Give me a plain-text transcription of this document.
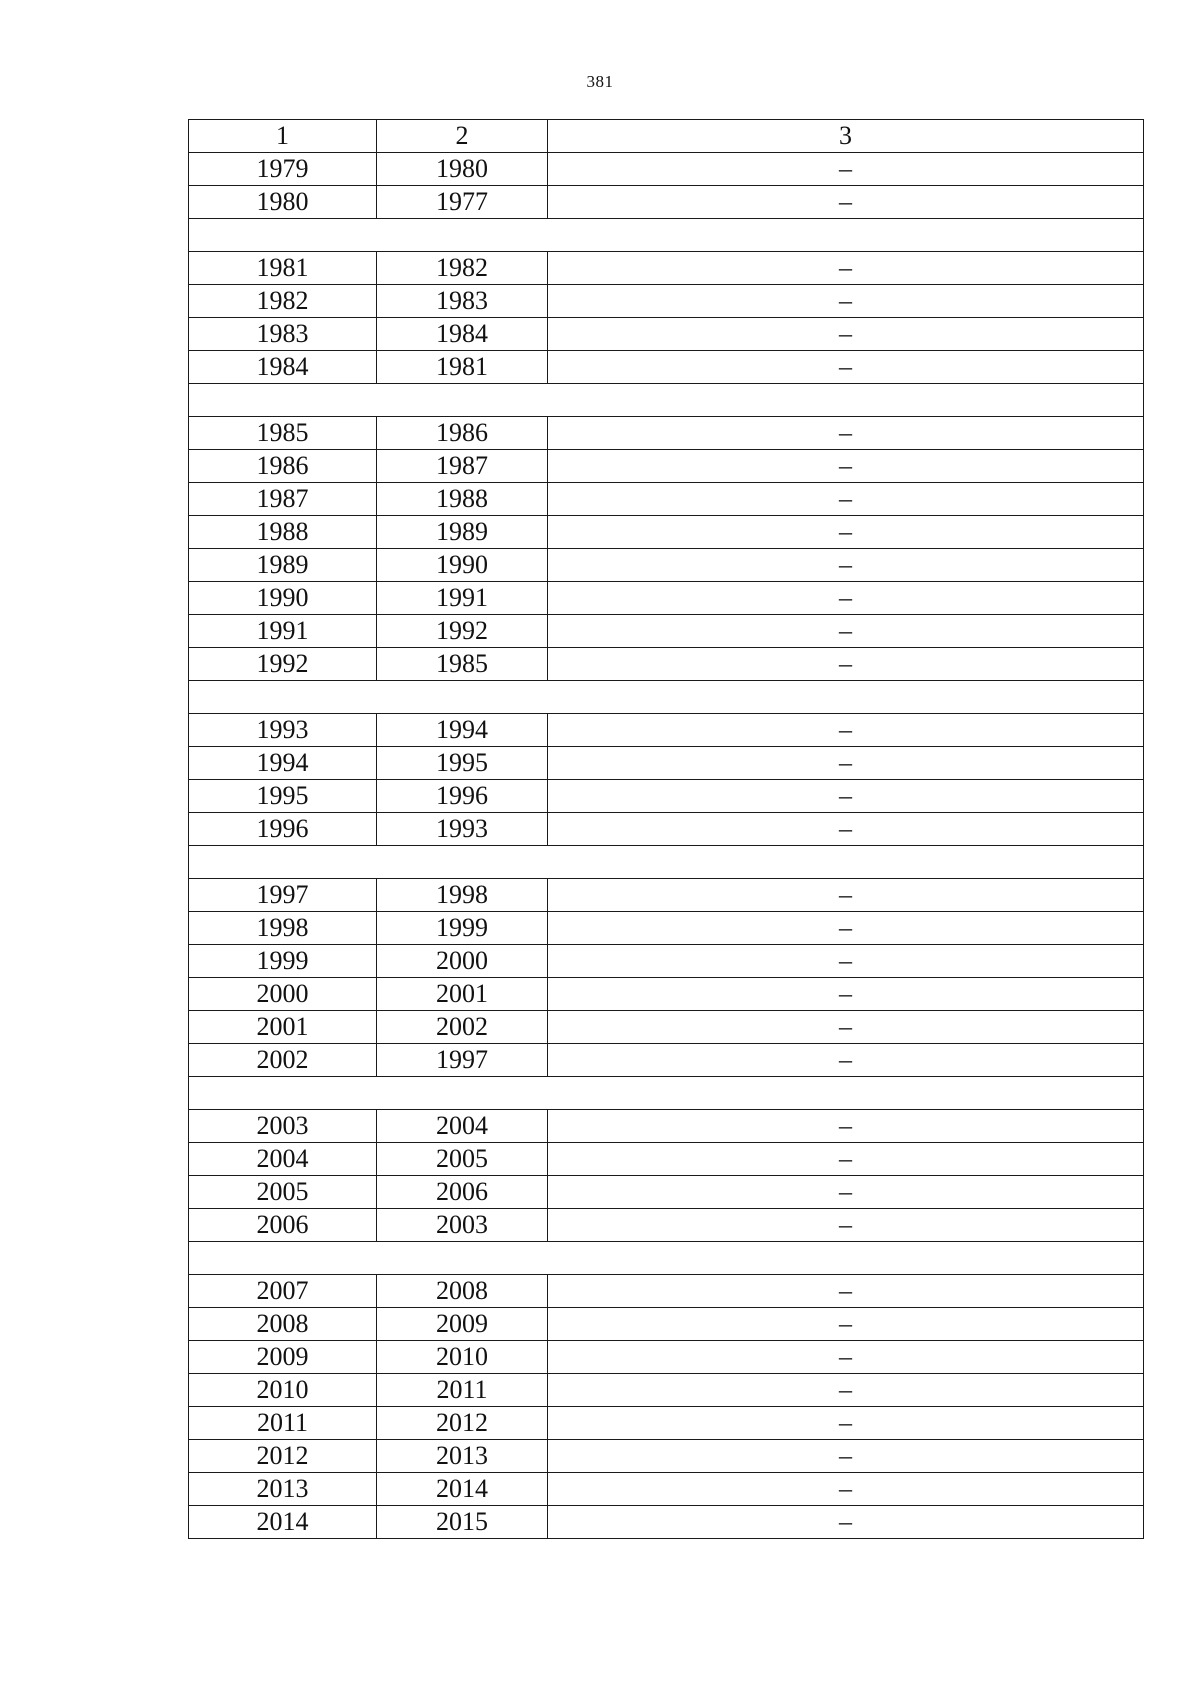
381
1	2	3
1979	1980	–
1980	1977	–

1981	1982	–
1982	1983	–
1983	1984	–
1984	1981	–

1985	1986	–
1986	1987	–
1987	1988	–
1988	1989	–
1989	1990	–
1990	1991	–
1991	1992	–
1992	1985	–

1993	1994	–
1994	1995	–
1995	1996	–
1996	1993	–

1997	1998	–
1998	1999	–
1999	2000	–
2000	2001	–
2001	2002	–
2002	1997	–

2003	2004	–
2004	2005	–
2005	2006	–
2006	2003	–

2007	2008	–
2008	2009	–
2009	2010	–
2010	2011	–
2011	2012	–
2012	2013	–
2013	2014	–
2014	2015	–
